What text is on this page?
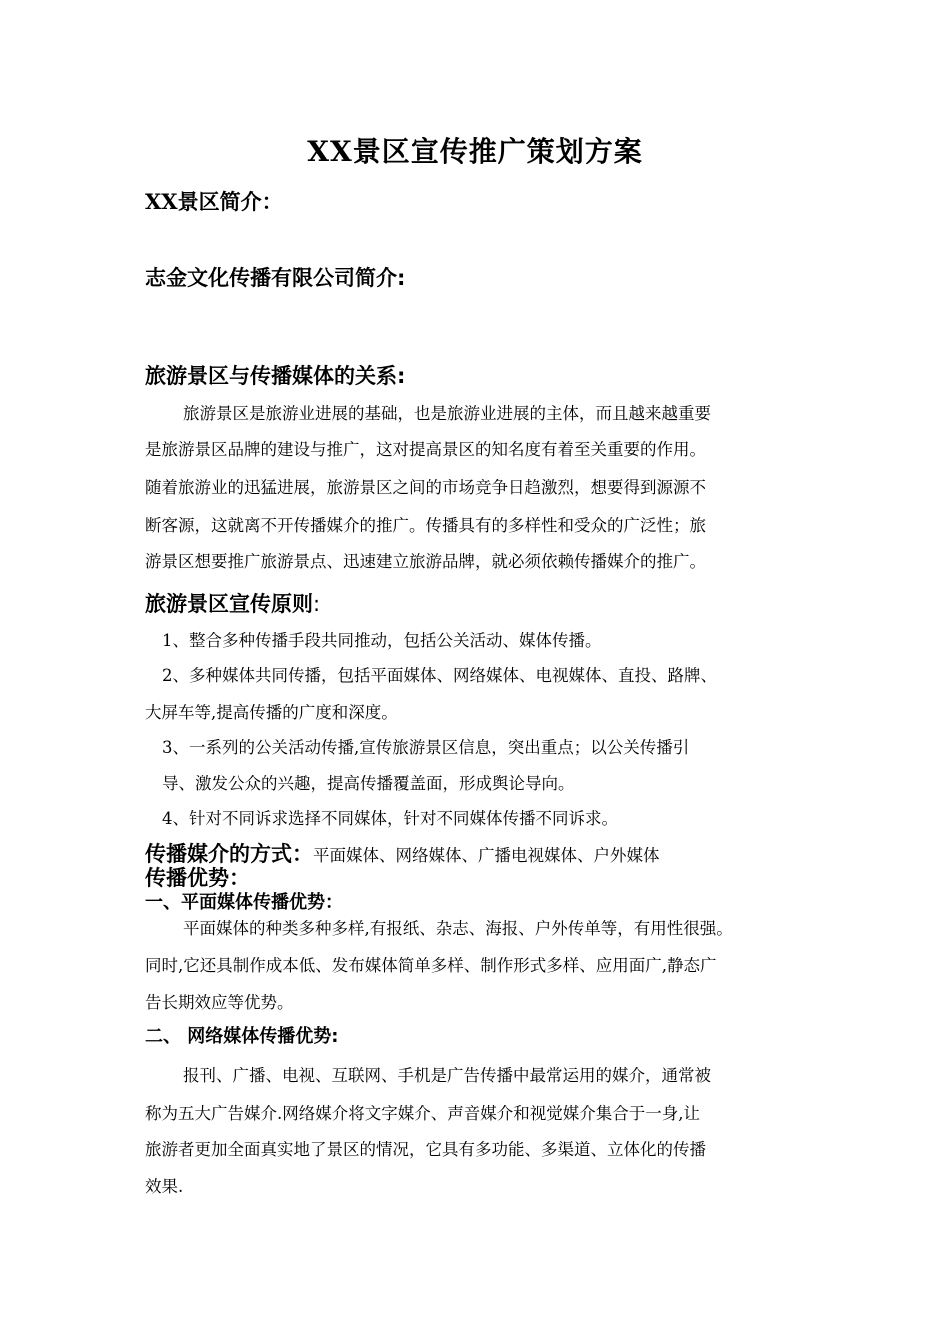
XX景区宣传推广策划方案
XX景区简介：
志金文化传播有限公司简介:
旅游景区与传播媒体的关系:
旅游景区是旅游业进展的基础，也是旅游业进展的主体，而且越来越重要
是旅游景区品牌的建设与推广，这对提高景区的知名度有着至关重要的作用。
随着旅游业的迅猛进展，旅游景区之间的市场竞争日趋激烈，想要得到源源不
断客源，这就离不开传播媒介的推广。传播具有的多样性和受众的广泛性；旅
游景区想要推广旅游景点、迅速建立旅游品牌，就必须依赖传播媒介的推广。
旅游景区宣传原则:
1、整合多种传播手段共同推动，包括公关活动、媒体传播。
2、多种媒体共同传播，包括平面媒体、网络媒体、电视媒体、直投、路牌、
大屏车等,提高传播的广度和深度。
3、一系列的公关活动传播,宣传旅游景区信息，突出重点；以公关传播引
导、激发公众的兴趣，提高传播覆盖面，形成舆论导向。
4、针对不同诉求选择不同媒体，针对不同媒体传播不同诉求。
传播媒介的方式：平面媒体、网络媒体、广播电视媒体、户外媒体
传播优势：
一、平面媒体传播优势：
平面媒体的种类多种多样,有报纸、杂志、海报、户外传单等，有用性很强。
同时,它还具制作成本低、发布媒体简单多样、制作形式多样、应用面广,静态广
告长期效应等优势。
二、 网络媒体传播优势:
报刊、广播、电视、互联网、手机是广告传播中最常运用的媒介，通常被
称为五大广告媒介.网络媒介将文字媒介、声音媒介和视觉媒介集合于一身,让
旅游者更加全面真实地了景区的情况，它具有多功能、多渠道、立体化的传播
效果.
